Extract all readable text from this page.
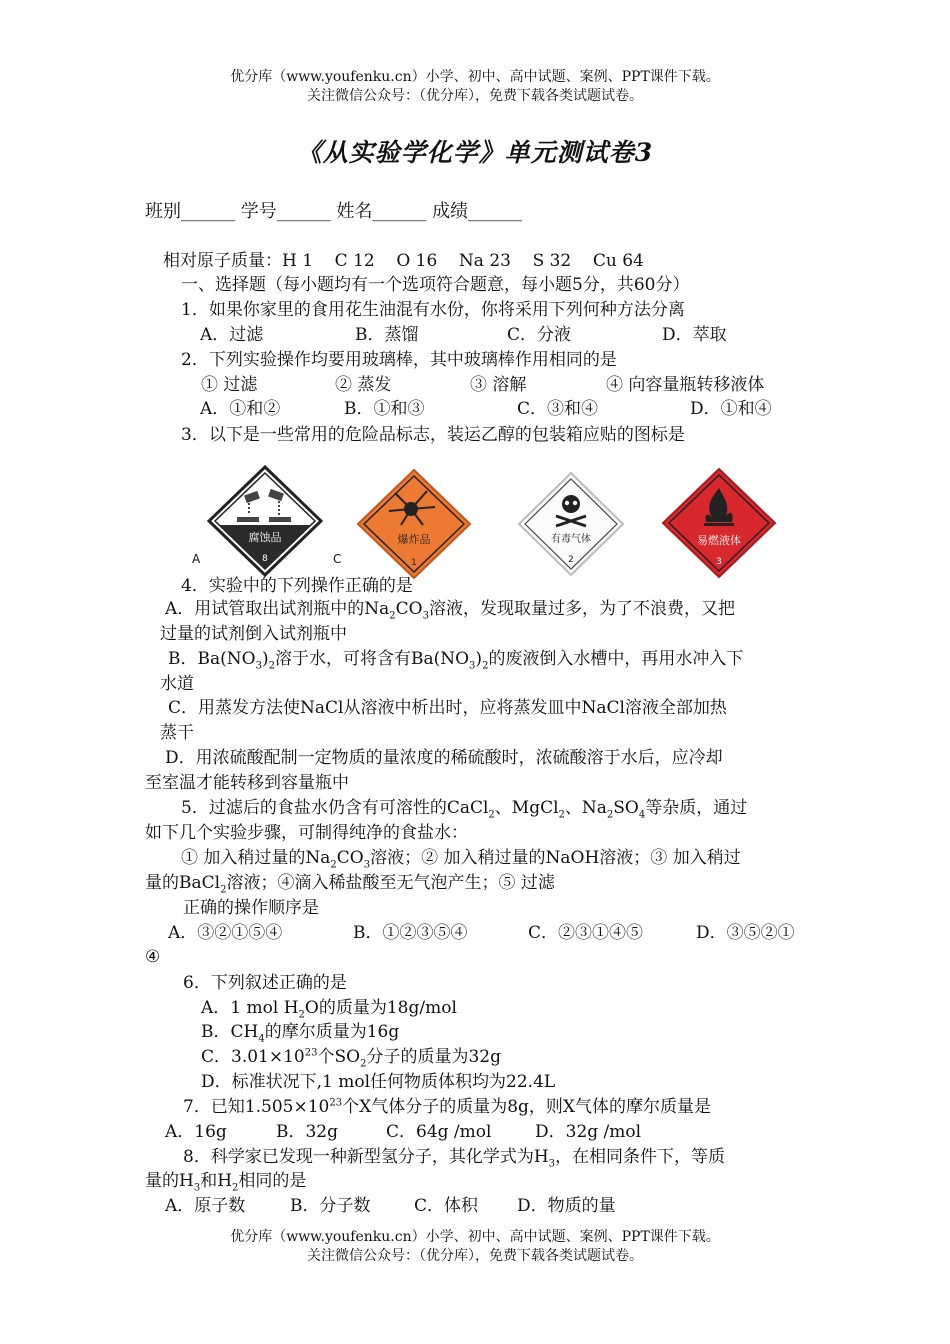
优分库（www.youfenku.cn）小学、初中、高中试题、案例、PPT课件下载。
关注微信公众号：（优分库），免费下载各类试题试卷。
《从实验学化学》单元测试卷3
班别______ 学号______ 姓名______ 成绩______
相对原子质量：H 1    C 12    O 16    Na 23    S 32    Cu 64
一、选择题（每小题均有一个选项符合题意，每小题5分，共60分）
1．如果你家里的食用花生油混有水份，你将采用下列何种方法分离
A．过滤	B．蒸馏	C．分液	D．萃取
2．下列实验操作均要用玻璃棒，其中玻璃棒作用相同的是
① 过滤	② 蒸发	③ 溶解	④ 向容量瓶转移液体
A．①和②	B．①和③	C．③和④	D．①和④
3．以下是一些常用的危险品标志，装运乙醇的包装箱应贴的图标是
腐蚀品
8
A	C
爆炸品
1
有毒气体
2
易燃液体
3
4．实验中的下列操作正确的是
A．用试管取出试剂瓶中的$Na_2CO_3$溶液，发现取量过多，为了不浪费，又把
过量的试剂倒入试剂瓶中
B．$Ba(NO_3)_2$溶于水，可将含有$Ba(NO_3)_2$的废液倒入水槽中，再用水冲入下
水道
C．用蒸发方法使NaCl从溶液中析出时，应将蒸发皿中NaCl溶液全部加热
蒸干
D．用浓硫酸配制一定物质的量浓度的稀硫酸时，浓硫酸溶于水后，应冷却
至室温才能转移到容量瓶中
5．过滤后的食盐水仍含有可溶性的CaCl$_2$、MgCl$_2$、$Na_2SO_4$等杂质，通过
如下几个实验步骤，可制得纯净的食盐水：
① 加入稍过量的$Na_2CO_3$溶液；② 加入稍过量的NaOH溶液；③ 加入稍过
量的BaCl$_2$溶液；④滴入稀盐酸至无气泡产生；⑤ 过滤
正确的操作顺序是
A．③②①⑤④	B．①②③⑤④	C．②③①④⑤	D．③⑤②①
④
6．下列叙述正确的是
A．1 mol $H_2O$的质量为18g/mol
B．$CH_4$的摩尔质量为16g
C．$3.01\times 10^{23}$个$SO_2$分子的质量为32g
D．标准状况下,1 mol任何物质体积均为22.4L
7．已知$1.505\times 10^{23}$个X气体分子的质量为8g，则X气体的摩尔质量是
A．16g	B．32g	C．64g /mol	D．32g /mol
8．科学家已发现一种新型氢分子，其化学式为$H_3$，在相同条件下，等质
量的$H_3$和$H_2$相同的是
A．原子数	B．分子数	C．体积 D．物质的量
优分库（www.youfenku.cn）小学、初中、高中试题、案例、PPT课件下载。
关注微信公众号：（优分库），免费下载各类试题试卷。
